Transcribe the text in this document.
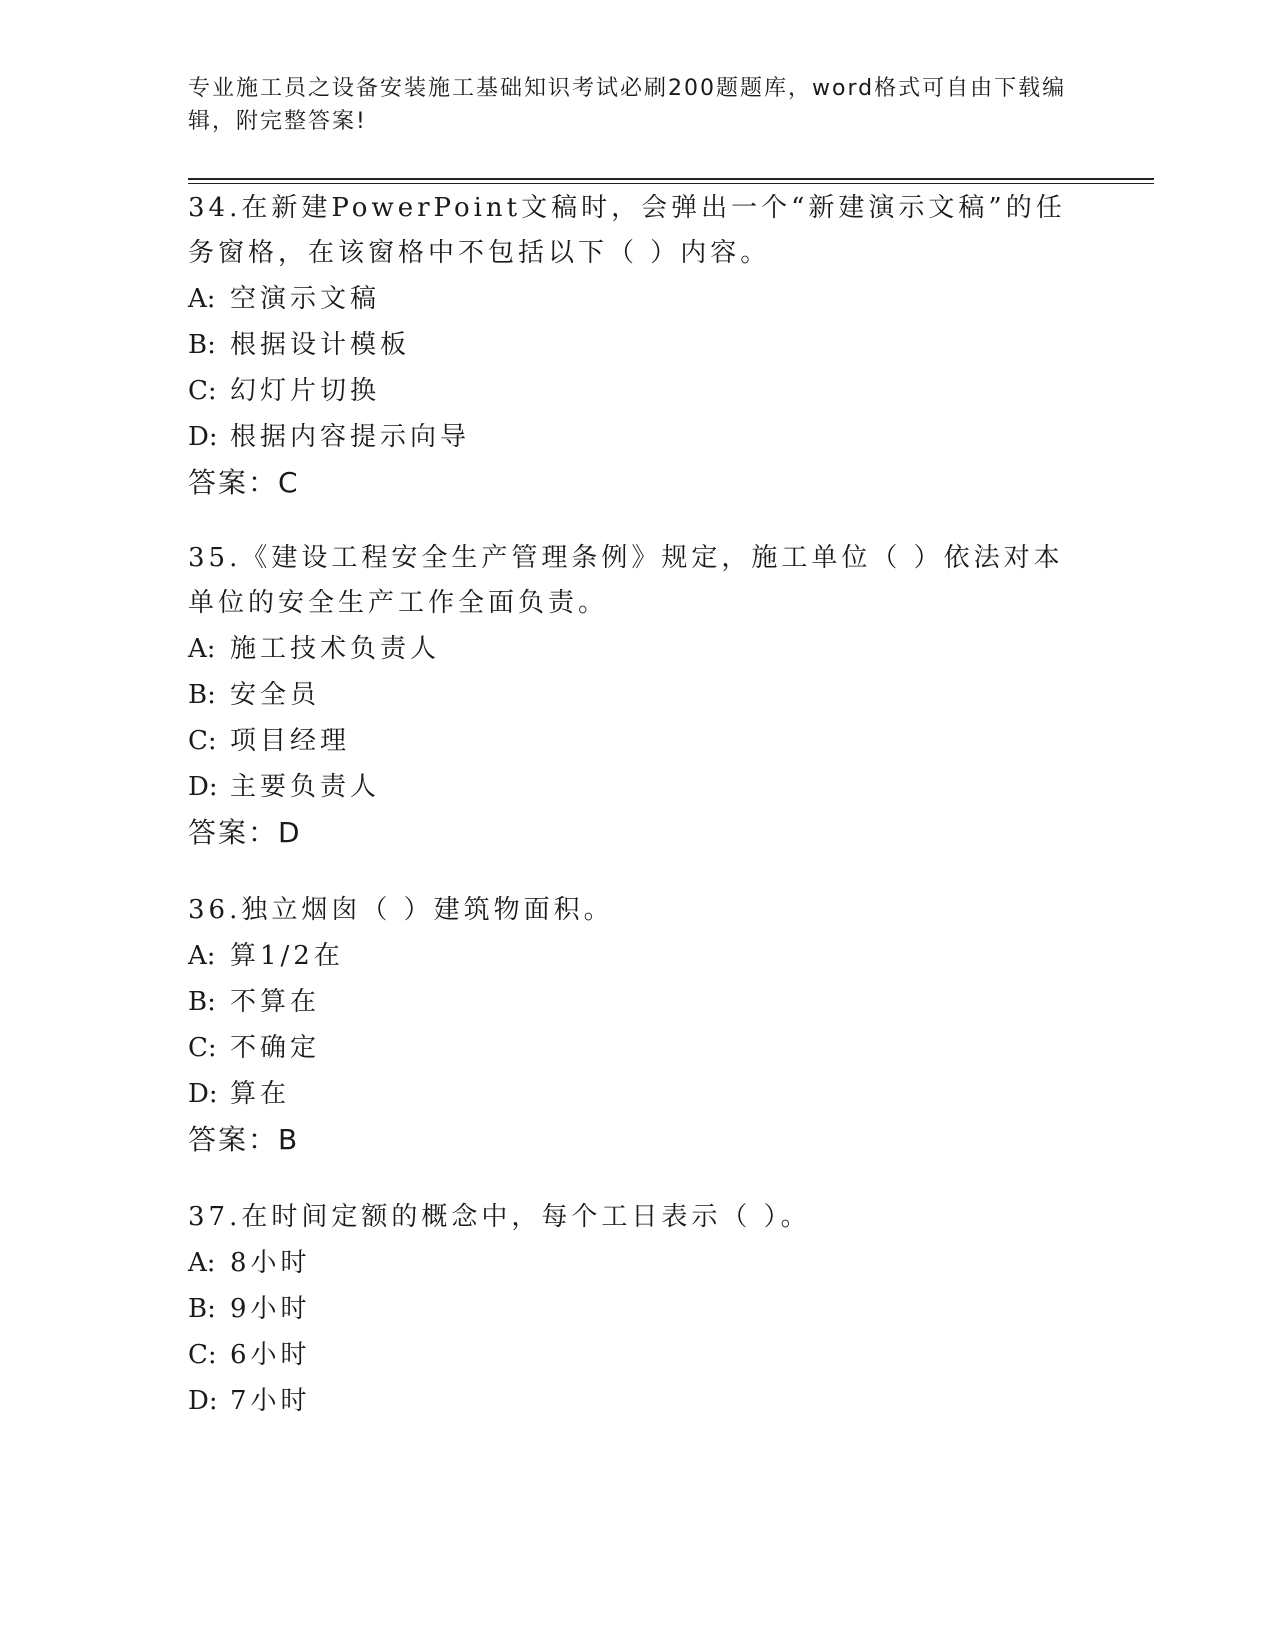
专业施工员之设备安装施工基础知识考试必刷200题题库，word格式可自由下载编辑，附完整答案!
34.在新建PowerPoint文稿时，会弹出一个“新建演示文稿”的任务窗格，在该窗格中不包括以下（ ）内容。
A: 空演示文稿
B: 根据设计模板
C: 幻灯片切换
D: 根据内容提示向导
答案：C
35.《建设工程安全生产管理条例》规定，施工单位（ ）依法对本单位的安全生产工作全面负责。
A: 施工技术负责人
B: 安全员
C: 项目经理
D: 主要负责人
答案：D
36.独立烟囱（ ）建筑物面积。
A: 算1/2在
B: 不算在
C: 不确定
D: 算在
答案：B
37.在时间定额的概念中，每个工日表示（ ）。
A: 8小时
B: 9小时
C: 6小时
D: 7小时
